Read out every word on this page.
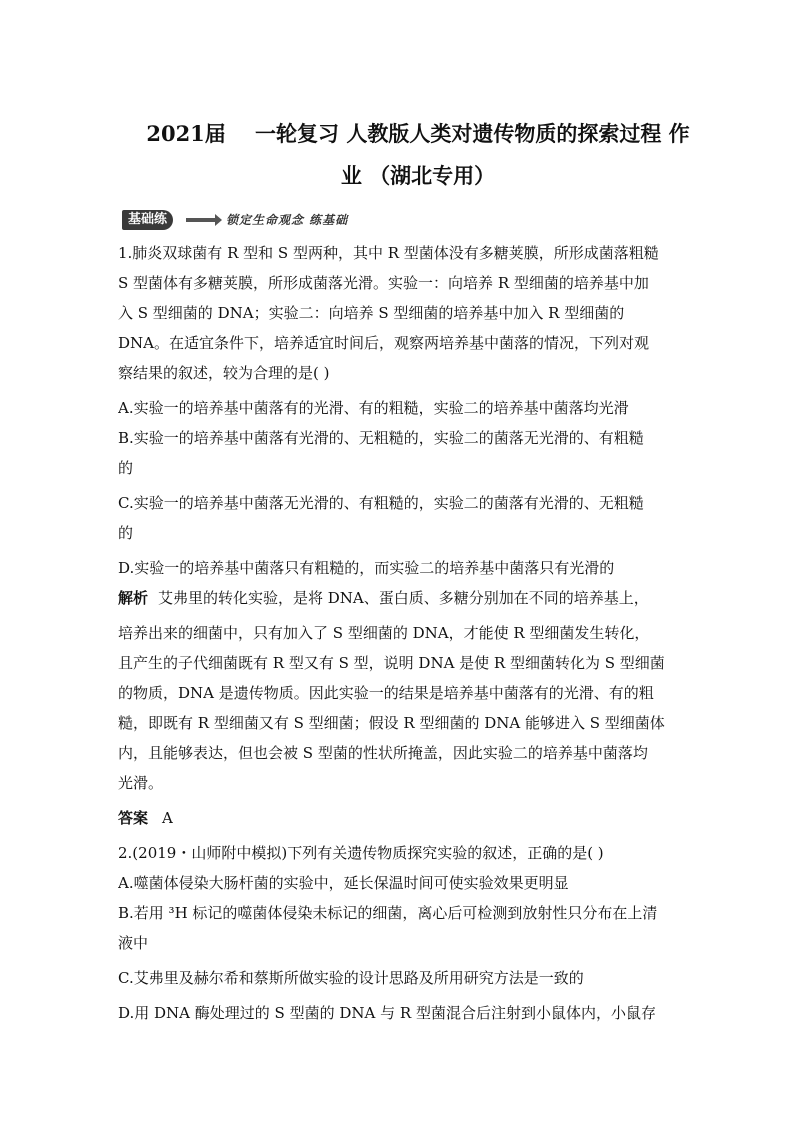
2021届    一轮复习 人教版人类对遗传物质的探索过程 作
业 （湖北专用）
基础练	锁定生命观念 练基础
1.肺炎双球菌有 R 型和 S 型两种，其中 R 型菌体没有多糖荚膜，所形成菌落粗糙
S 型菌体有多糖荚膜，所形成菌落光滑。实验一：向培养 R 型细菌的培养基中加
入 S 型细菌的 DNA；实验二：向培养 S 型细菌的培养基中加入 R 型细菌的
DNA。在适宜条件下，培养适宜时间后，观察两培养基中菌落的情况，下列对观
察结果的叙述，较为合理的是( )
A.实验一的培养基中菌落有的光滑、有的粗糙，实验二的培养基中菌落均光滑
B.实验一的培养基中菌落有光滑的、无粗糙的，实验二的菌落无光滑的、有粗糙
的
C.实验一的培养基中菌落无光滑的、有粗糙的，实验二的菌落有光滑的、无粗糙
的
D.实验一的培养基中菌落只有粗糙的，而实验二的培养基中菌落只有光滑的
解析 艾弗里的转化实验，是将 DNA、蛋白质、多糖分别加在不同的培养基上，
培养出来的细菌中，只有加入了 S 型细菌的 DNA，才能使 R 型细菌发生转化，
且产生的子代细菌既有 R 型又有 S 型，说明 DNA 是使 R 型细菌转化为 S 型细菌
的物质，DNA 是遗传物质。因此实验一的结果是培养基中菌落有的光滑、有的粗
糙，即既有 R 型细菌又有 S 型细菌；假设 R 型细菌的 DNA 能够进入 S 型细菌体
内，且能够表达，但也会被 S 型菌的性状所掩盖，因此实验二的培养基中菌落均
光滑。
答案 A
2.(2019・山师附中模拟)下列有关遗传物质探究实验的叙述，正确的是( )
A.噬菌体侵染大肠杆菌的实验中，延长保温时间可使实验效果更明显
B.若用 ³H 标记的噬菌体侵染未标记的细菌，离心后可检测到放射性只分布在上清
液中
C.艾弗里及赫尔希和蔡斯所做实验的设计思路及所用研究方法是一致的
D.用 DNA 酶处理过的 S 型菌的 DNA 与 R 型菌混合后注射到小鼠体内，小鼠存
